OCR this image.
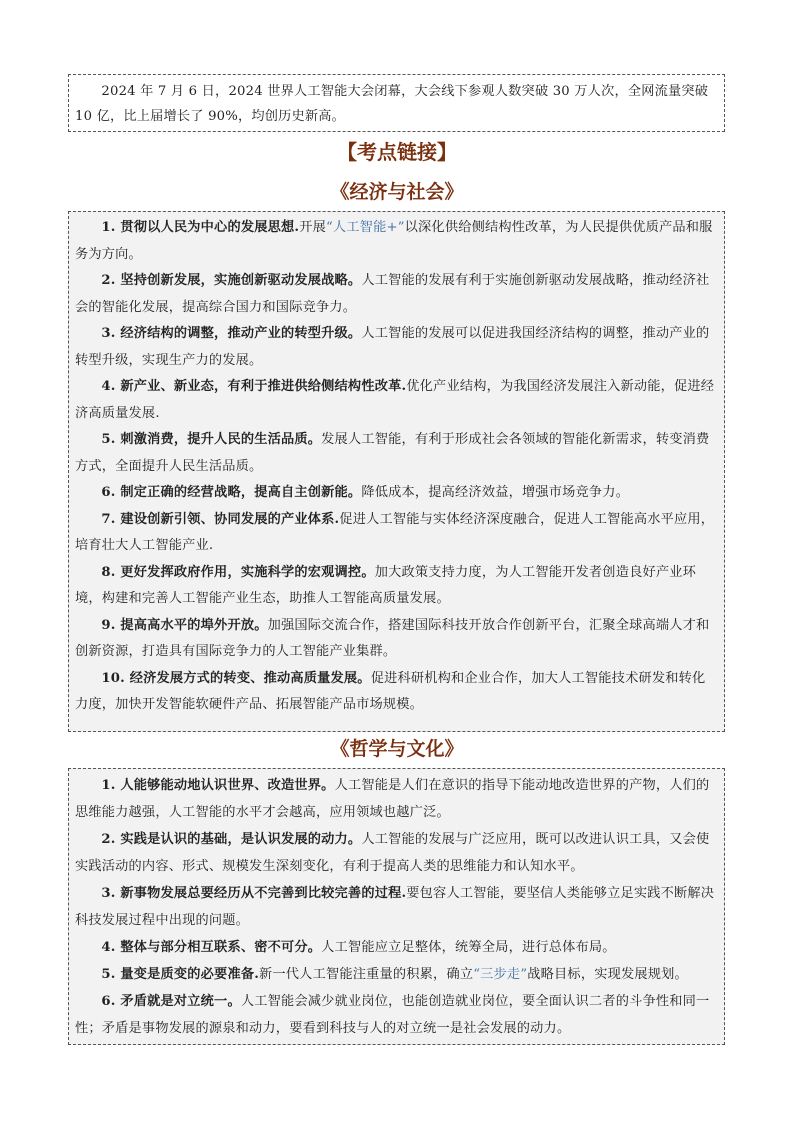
2024 年 7 月 6 日，2024 世界人工智能大会闭幕，大会线下参观人数突破 30 万人次，全网流量突破 10 亿，比上届增长了 90%，均创历史新高。

【考点链接】
《经济与社会》

1. 贯彻以人民为中心的发展思想.开展“人工智能+”以深化供给侧结构性改革，为人民提供优质产品和服务为方向。

2. 坚持创新发展，实施创新驱动发展战略。人工智能的发展有利于实施创新驱动发展战略，推动经济社会的智能化发展，提高综合国力和国际竞争力。

3. 经济结构的调整，推动产业的转型升级。人工智能的发展可以促进我国经济结构的调整，推动产业的转型升级，实现生产力的发展。

4. 新产业、新业态，有利于推进供给侧结构性改革.优化产业结构，为我国经济发展注入新动能，促进经济高质量发展.

5. 刺激消费，提升人民的生活品质。发展人工智能，有利于形成社会各领域的智能化新需求，转变消费方式，全面提升人民生活品质。

6. 制定正确的经营战略，提高自主创新能。降低成本，提高经济效益，增强市场竞争力。

7. 建设创新引领、协同发展的产业体系.促进人工智能与实体经济深度融合，促进人工智能高水平应用，培育壮大人工智能产业.

8. 更好发挥政府作用，实施科学的宏观调控。加大政策支持力度，为人工智能开发者创造良好产业环境，构建和完善人工智能产业生态，助推人工智能高质量发展。

9. 提高高水平的埠外开放。加强国际交流合作，搭建国际科技开放合作创新平台，汇聚全球高端人才和创新资源，打造具有国际竞争力的人工智能产业集群。

10. 经济发展方式的转变、推动高质量发展。促进科研机构和企业合作，加大人工智能技术研发和转化力度，加快开发智能软硬件产品、拓展智能产品市场规模。

《哲学与文化》

1. 人能够能动地认识世界、改造世界。人工智能是人们在意识的指导下能动地改造世界的产物，人们的思维能力越强，人工智能的水平才会越高，应用领域也越广泛。

2. 实践是认识的基础，是认识发展的动力。人工智能的发展与广泛应用，既可以改进认识工具，又会使实践活动的内容、形式、规模发生深刻变化，有利于提高人类的思维能力和认知水平。

3. 新事物发展总要经历从不完善到比较完善的过程.要包容人工智能，要坚信人类能够立足实践不断解决科技发展过程中出现的问题。

4. 整体与部分相互联系、密不可分。人工智能应立足整体，统筹全局，进行总体布局。

5. 量变是质变的必要准备.新一代人工智能注重量的积累，确立“三步走”战略目标，实现发展规划。

6. 矛盾就是对立统一。人工智能会减少就业岗位，也能创造就业岗位，要全面认识二者的斗争性和同一性；矛盾是事物发展的源泉和动力，要看到科技与人的对立统一是社会发展的动力。
